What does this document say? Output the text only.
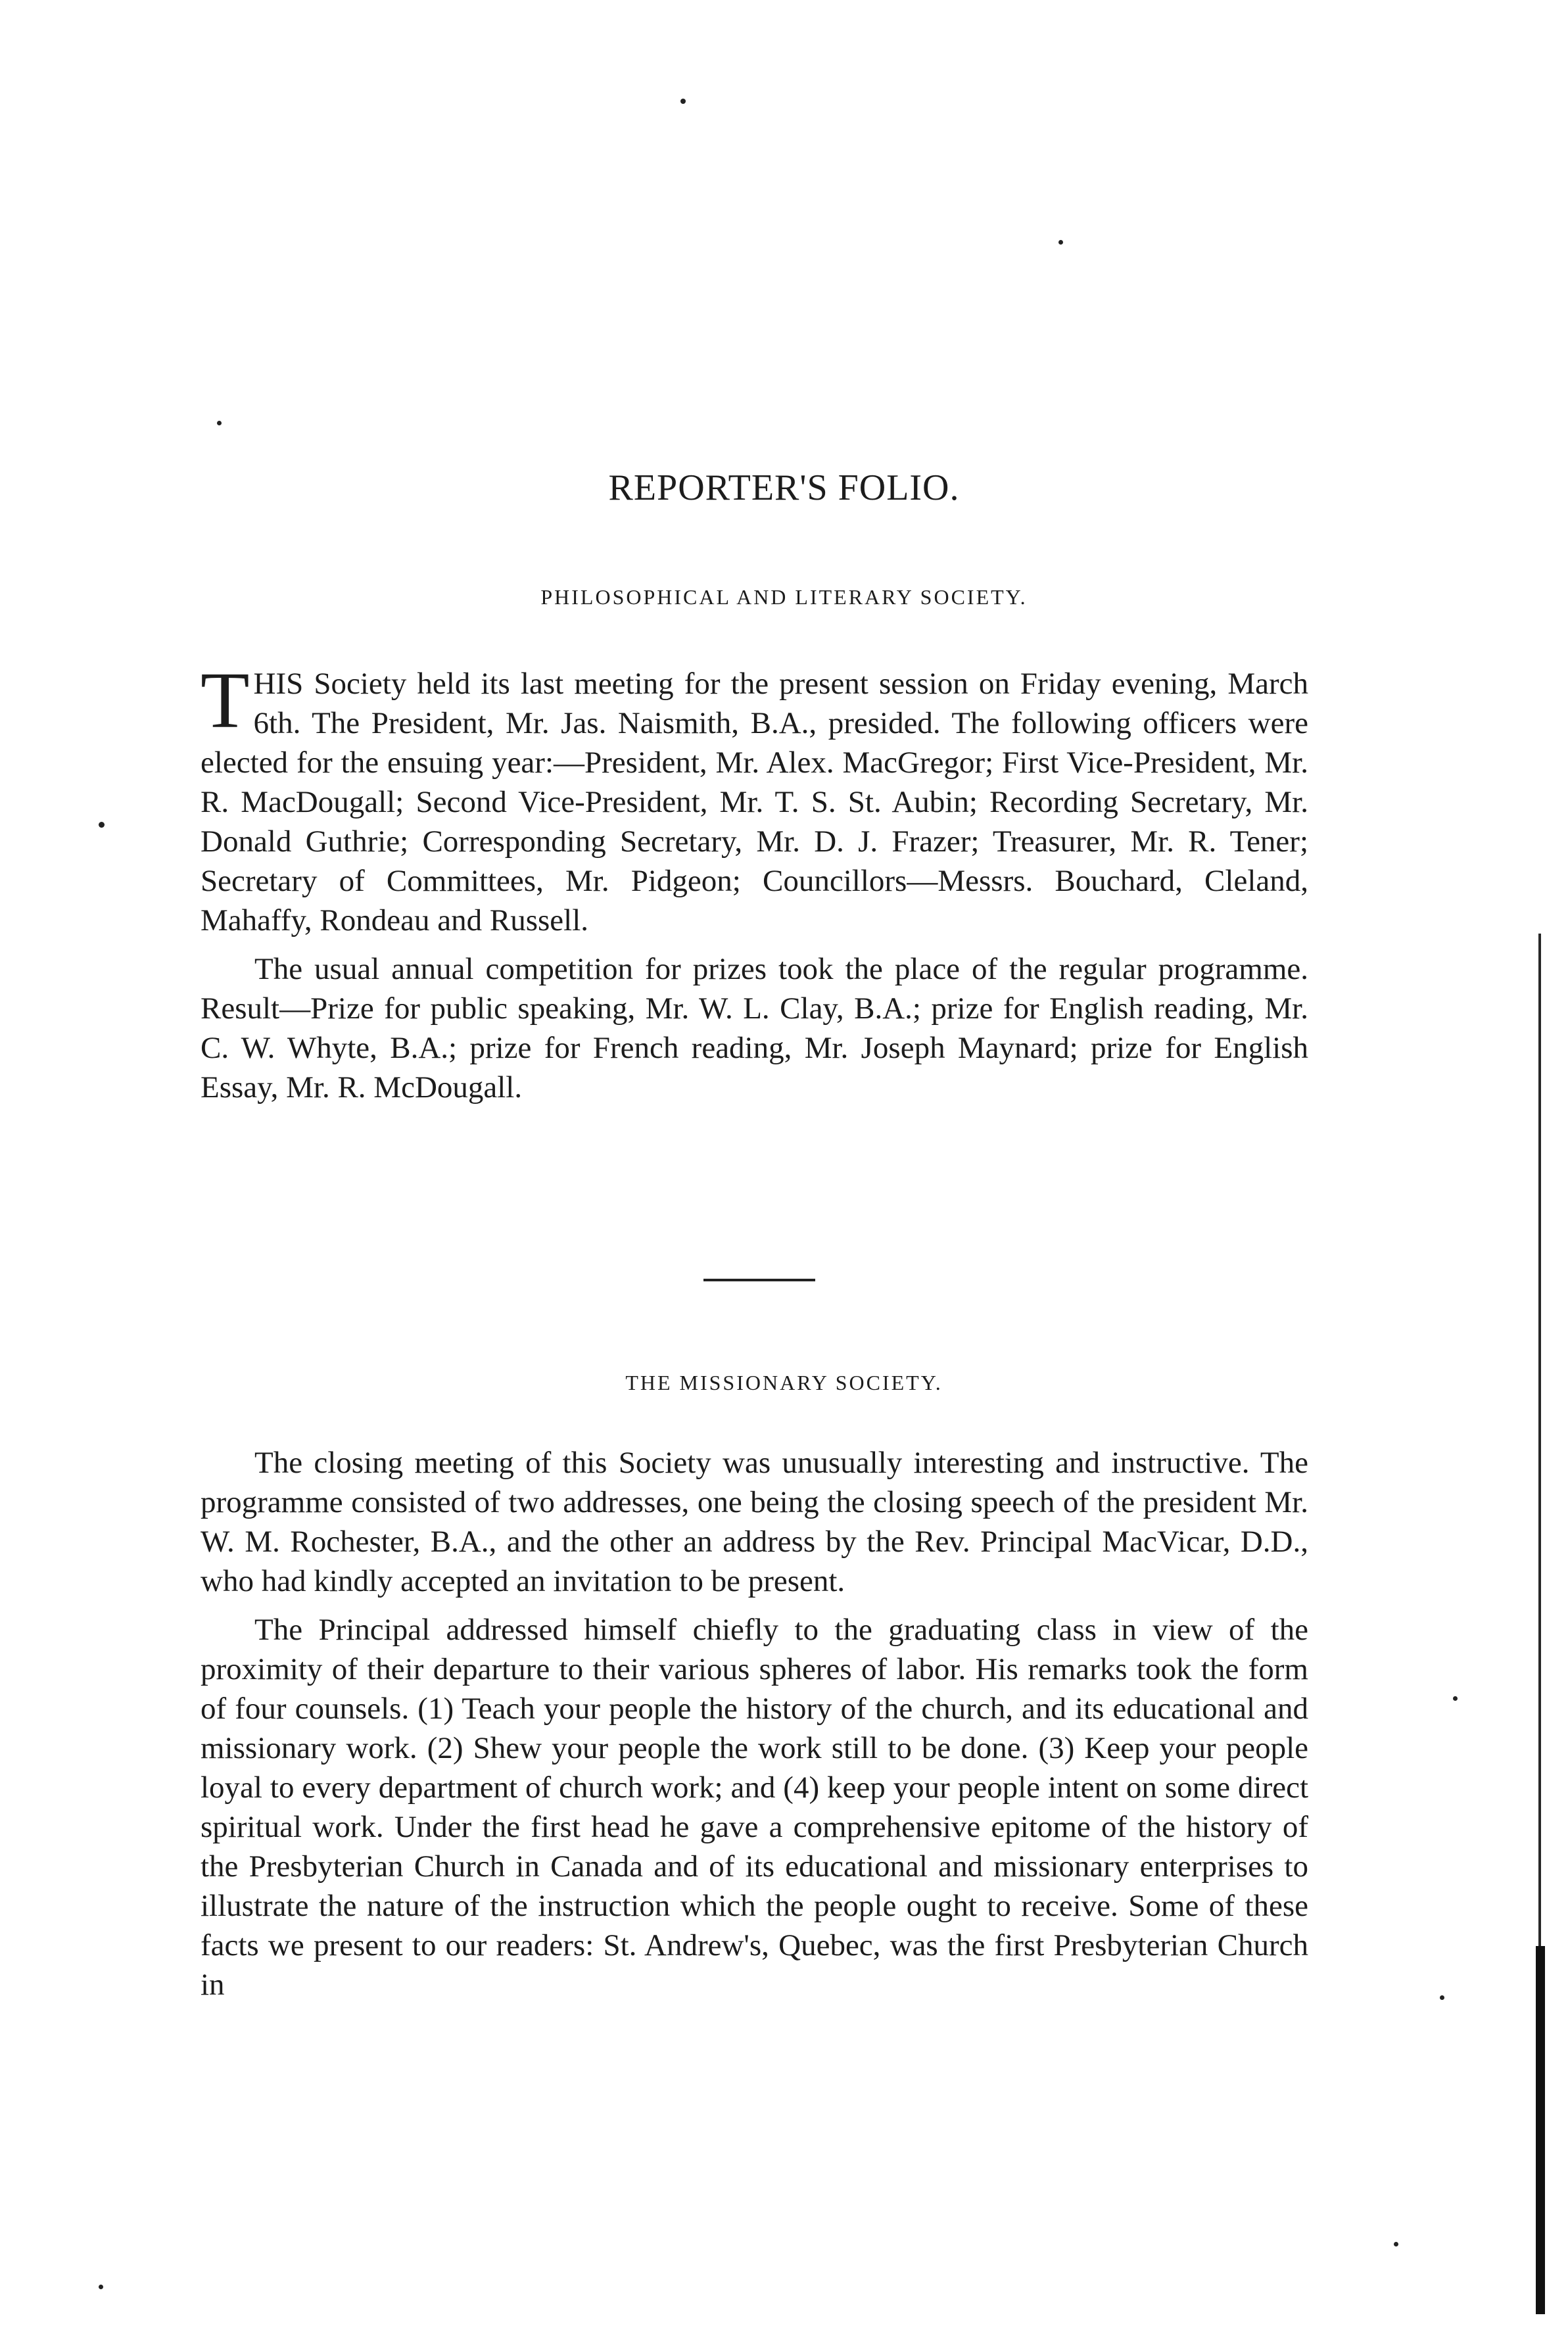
REPORTER'S FOLIO.
PHILOSOPHICAL AND LITERARY SOCIETY.

THIS Society held its last meeting for the present session on Friday evening, March 6th. The President, Mr. Jas. Naismith, B.A., presided. The following officers were elected for the ensuing year:—President, Mr. Alex. MacGregor; First Vice-President, Mr. R. MacDougall; Second Vice-President, Mr. T. S. St. Aubin; Recording Secretary, Mr. Donald Guthrie; Corresponding Secretary, Mr. D. J. Frazer; Treasurer, Mr. R. Tener; Secretary of Committees, Mr. Pidgeon; Councillors—Messrs. Bouchard, Cleland, Mahaffy, Rondeau and Russell.

The usual annual competition for prizes took the place of the regular programme. Result—Prize for public speaking, Mr. W. L. Clay, B.A.; prize for English reading, Mr. C. W. Whyte, B.A.; prize for French reading, Mr. Joseph Maynard; prize for English Essay, Mr. R. McDougall.

THE MISSIONARY SOCIETY.

The closing meeting of this Society was unusually interesting and instructive. The programme consisted of two addresses, one being the closing speech of the president Mr. W. M. Rochester, B.A., and the other an address by the Rev. Principal MacVicar, D.D., who had kindly accepted an invitation to be present.

The Principal addressed himself chiefly to the graduating class in view of the proximity of their departure to their various spheres of labor. His remarks took the form of four counsels. (1) Teach your people the history of the church, and its educational and missionary work. (2) Shew your people the work still to be done. (3) Keep your people loyal to every department of church work; and (4) keep your people intent on some direct spiritual work. Under the first head he gave a comprehensive epitome of the history of the Presbyterian Church in Canada and of its educational and missionary enterprises to illustrate the nature of the instruction which the people ought to receive. Some of these facts we present to our readers: St. Andrew's, Quebec, was the first Presbyterian Church in
